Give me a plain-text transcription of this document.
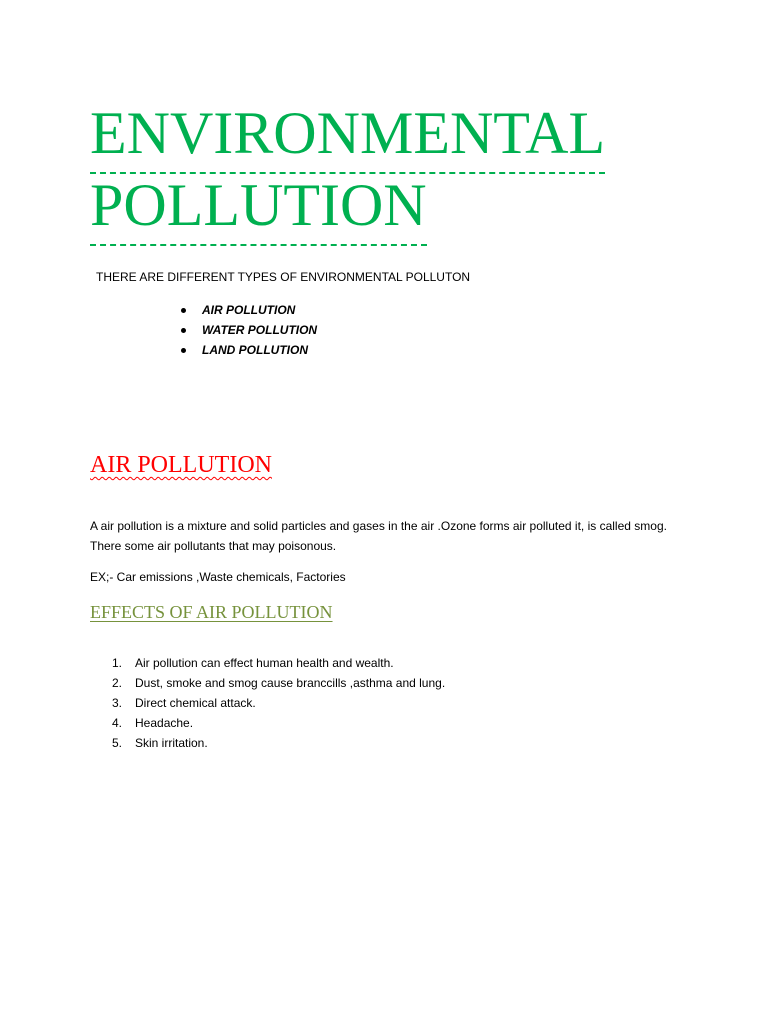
ENVIRONMENTAL
POLLUTION
THERE ARE DIFFERENT TYPES OF ENVIRONMENTAL POLLUTON
AIR POLLUTION
WATER POLLUTION
LAND POLLUTION
AIR POLLUTION

A air pollution is a mixture and solid particles and gases in the air .Ozone forms air polluted it, is called smog.

There some air pollutants that may poisonous.

EX;- Car emissions ,Waste chemicals, Factories
EFFECTS OF AIR POLLUTION
1. Air pollution can effect human health and wealth.
2. Dust, smoke and smog cause branccills ,asthma and lung.
3. Direct chemical attack.
4. Headache.
5. Skin irritation.
